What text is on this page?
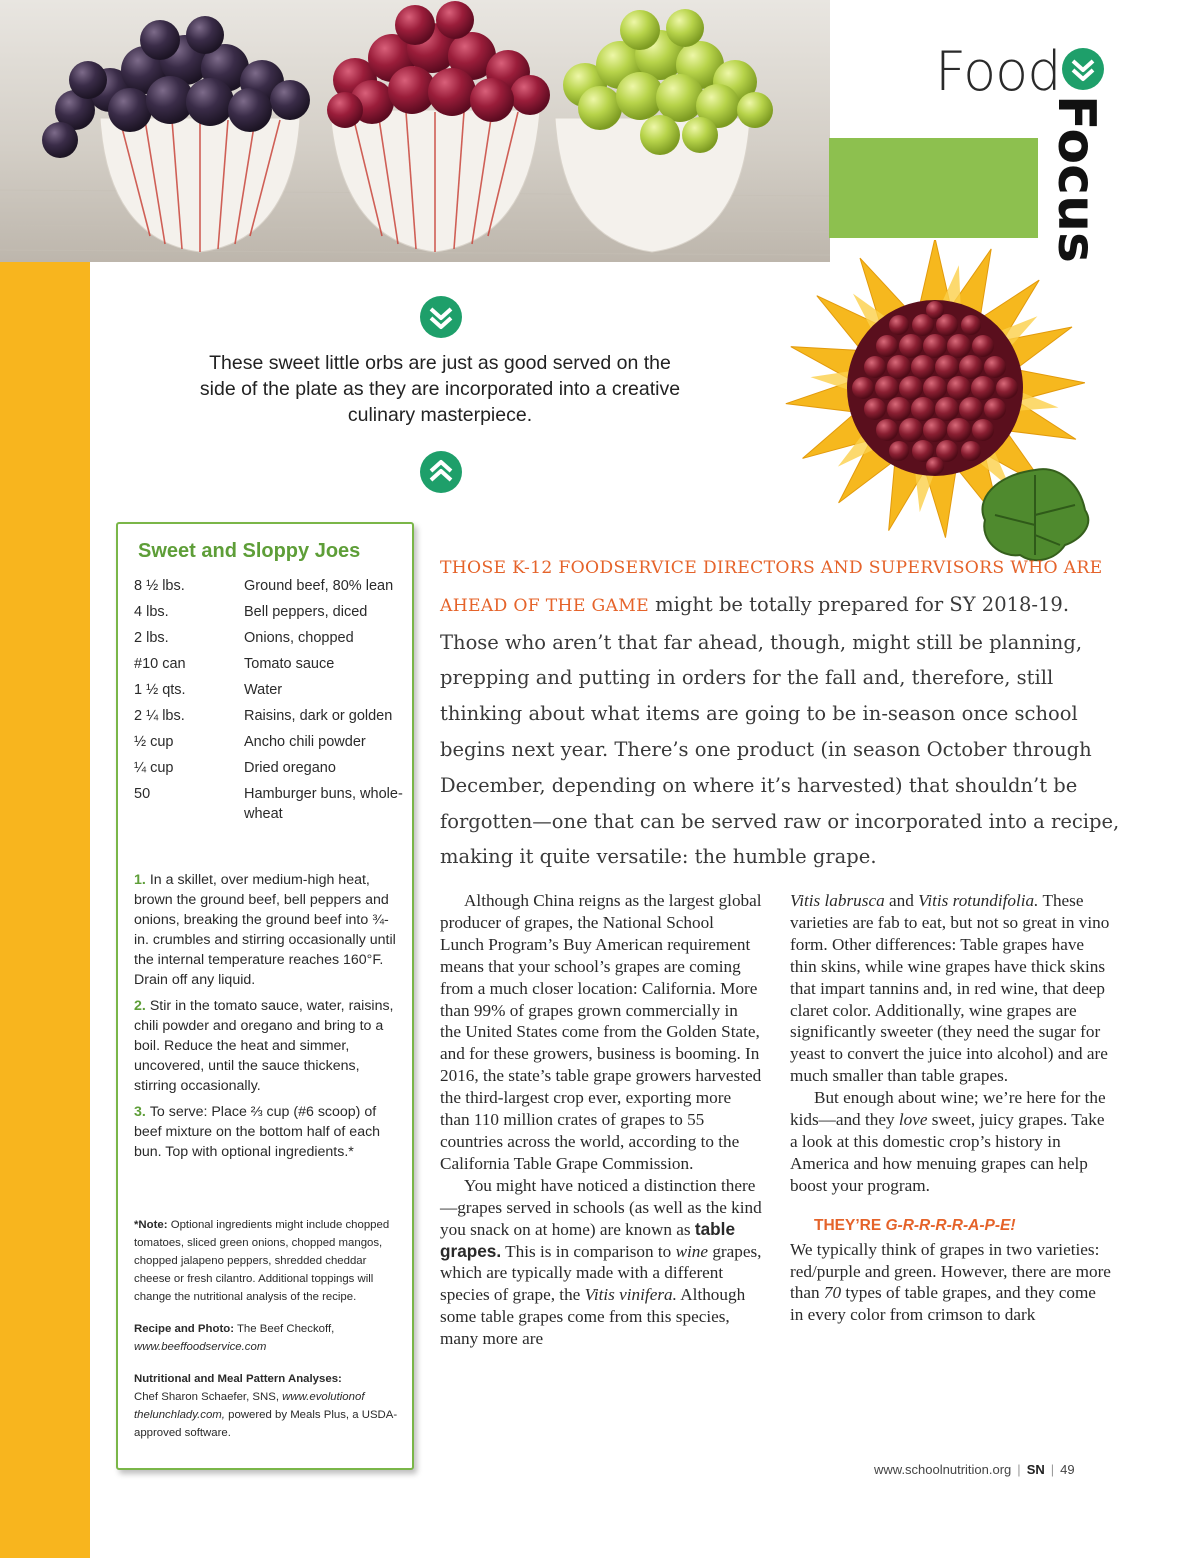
Food
Focus
These sweet little orbs are just as good served on the side of the plate as they are incorporated into a creative culinary masterpiece.
Sweet and Sloppy Joes
8 ½ lbs.	Ground beef, 80% lean
4 lbs.	Bell peppers, diced
2 lbs.	Onions, chopped
#10 can	Tomato sauce
1 ½ qts.	Water
2 ¼ lbs.	Raisins, dark or golden
½ cup	Ancho chili powder
¼ cup	Dried oregano
50	Hamburger buns, whole-wheat
1. In a skillet, over medium-high heat, brown the ground beef, bell peppers and onions, breaking the ground beef into ¾-in. crumbles and stirring occasionally until the internal temperature reaches 160°F. Drain off any liquid.
2. Stir in the tomato sauce, water, raisins, chili powder and oregano and bring to a boil. Reduce the heat and simmer, uncovered, until the sauce thickens, stirring occasionally.
3. To serve: Place ⅔ cup (#6 scoop) of beef mixture on the bottom half of each bun. Top with optional ingredients.*
*Note: Optional ingredients might include chopped tomatoes, sliced green onions, chopped mangos, chopped jalapeno peppers, shredded cheddar cheese or fresh cilantro. Additional toppings will change the nutritional analysis of the recipe.
Recipe and Photo: The Beef Checkoff,
www.beeffoodservice.com
Nutritional and Meal Pattern Analyses:
Chef Sharon Schaefer, SNS, www.evolutionof thelunchlady.com, powered by Meals Plus, a USDA-approved software.
THOSE K-12 FOODSERVICE DIRECTORS AND SUPERVISORS WHO ARE AHEAD OF THE GAME might be totally prepared for SY 2018-19. Those who aren’t that far ahead, though, might still be planning, prepping and putting in orders for the fall and, therefore, still thinking about what items are going to be in-season once school begins next year. There’s one product (in season October through December, depending on where it’s harvested) that shouldn’t be forgotten—one that can be served raw or incorporated into a recipe, making it quite versatile: the humble grape.

Although China reigns as the largest global producer of grapes, the National School Lunch Program’s Buy American requirement means that your school’s grapes are coming from a much closer location: California. More than 99% of grapes grown commercially in the United States come from the Golden State, and for these growers, business is booming. In 2016, the state’s table grape growers harvested the third-largest crop ever, exporting more than 110 million crates of grapes to 55 countries across the world, according to the California Table Grape Commission.

You might have noticed a distinction there—grapes served in schools (as well as the kind you snack on at home) are known as table grapes. This is in comparison to wine grapes, which are typically made with a different species of grape, the Vitis vinifera. Although some table grapes come from this species, many more are

Vitis labrusca and Vitis rotundifolia. These varieties are fab to eat, but not so great in vino form. Other differences: Table grapes have thin skins, while wine grapes have thick skins that impart tannins and, in red wine, that deep claret color. Additionally, wine grapes are significantly sweeter (they need the sugar for yeast to convert the juice into alcohol) and are much smaller than table grapes.

But enough about wine; we’re here for the kids—and they love sweet, juicy grapes. Take a look at this domestic crop’s history in America and how menuing grapes can help boost your program.

THEY’RE G-R-R-R-R-A-P-E!

We typically think of grapes in two varieties: red/purple and green. However, there are more than 70 types of table grapes, and they come in every color from crimson to dark

www.schoolnutrition.org | SN | 49
